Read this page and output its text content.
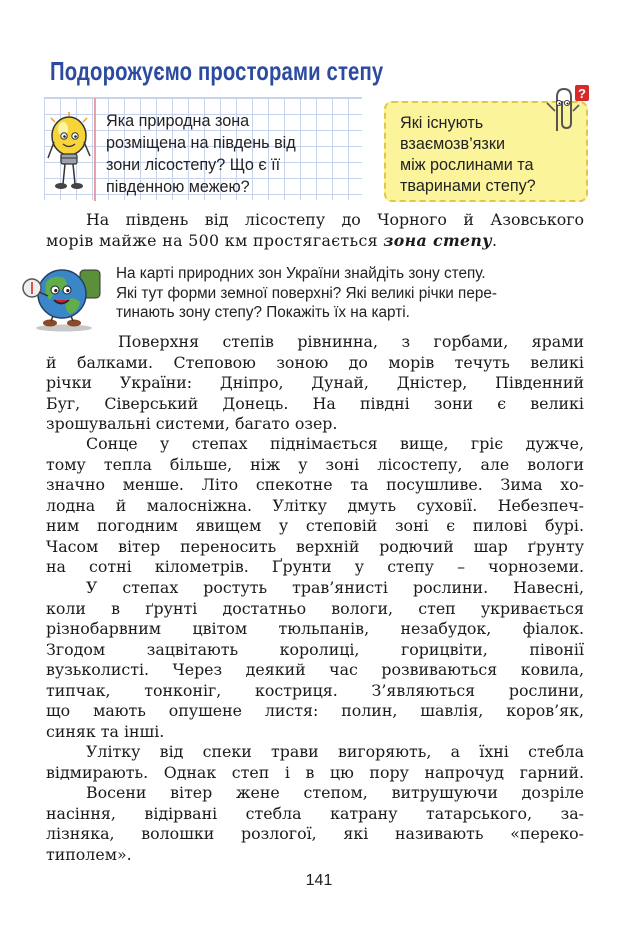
Подорожуємо просторами степу
Яка природна зона
розміщена на південь від
зони лісостепу? Що є її
південною межею?
Які існують
взаємозв’язки
між рослинами та
тваринами степу?
?
На південь від лісостепу до Чорного й Азовського
морів майже на 500 км простягається зона степу.
На карті природних зон України знайдіть зону степу.
Які тут форми земної поверхні? Які великі річки пере-
тинають зону степу? Покажіть їх на карті.
Поверхня степів рівнинна, з горбами, ярами
й балками. Степовою зоною до морів течуть великі
річки України: Дніпро, Дунай, Дністер, Південний
Буг, Сіверський Донець. На півдні зони є великі
зрошувальні системи, багато озер.
Сонце у степах піднімається вище, гріє дужче,
тому тепла більше, ніж у зоні лісостепу, але вологи
значно менше. Літо спекотне та посушливе. Зима хо-
лодна й малосніжна. Улітку дмуть суховії. Небезпеч-
ним погодним явищем у степовій зоні є пилові бурі.
Часом вітер переносить верхній родючий шар ґрунту
на сотні кілометрів. Ґрунти у степу – чорноземи.
У степах ростуть трав’янисті рослини. Навесні,
коли в ґрунті достатньо вологи, степ укривається
різнобарвним цвітом тюльпанів, незабудок, фіалок.
Згодом зацвітають королиці, горицвіти, півонії
вузьколисті. Через деякий час розвиваються ковила,
типчак, тонконіг, костриця. З’являються рослини,
що мають опушене листя: полин, шавлія, коров’як,
синяк та інші.
Улітку від спеки трави вигоряють, а їхні стебла
відмирають. Однак степ і в цю пору напрочуд гарний.
Восени вітер жене степом, витрушуючи дозріле
насіння, відірвані стебла катрану татарського, за-
лізняка, волошки розлогої, які називають «переко-
типолем».
141
